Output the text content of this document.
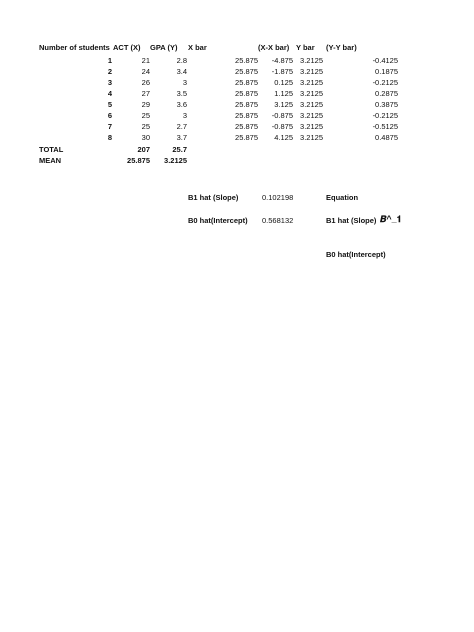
Number of students ACT (X) GPA (Y) X bar	(X-X bar) Y bar (Y-Y bar)
1	21	2.8	25.875	-4.875 3.2125	-0.4125
2	24	3.4	25.875	-1.875 3.2125	0.1875
3	26	3	25.875	0.125 3.2125	-0.2125
4	27	3.5	25.875	1.125 3.2125	0.2875
5	29	3.6	25.875	3.125 3.2125	0.3875
6	25	3	25.875	-0.875 3.2125	-0.2125
7	25	2.7	25.875	-0.875 3.2125	-0.5125
8	30	3.7	25.875	4.125 3.2125	0.4875
TOTAL	207	25.7
MEAN	25.875	3.2125
B1 hat (Slope)	0.102198	Equation
B0 hat(Intercept) 0.568132	B1 hat (Slope) 𝑩^_𝟏
B0 hat(Intercept)
